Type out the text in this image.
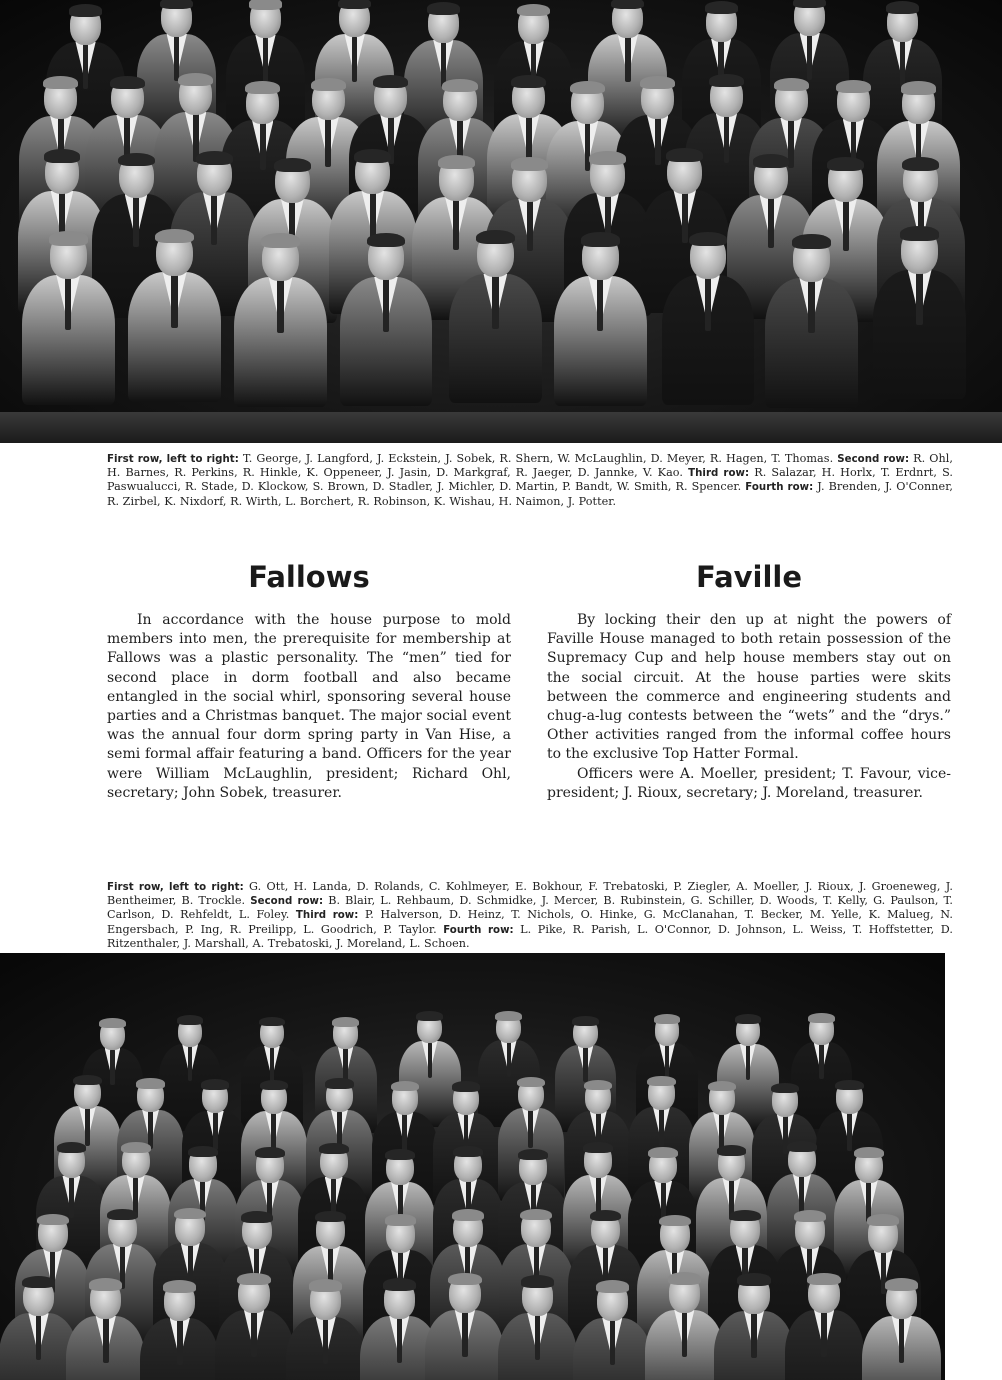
First row, left to right: T. George, J. Langford, J. Eckstein, J. Sobek, R. Shern, W. McLaughlin, D. Meyer, R. Hagen, T. Thomas. Second row: R. Ohl, H. Barnes, R. Perkins, R. Hinkle, K. Oppeneer, J. Jasin, D. Markgraf, R. Jaeger, D. Jannke, V. Kao. Third row: R. Salazar, H. Horlx, T. Erdnrt, S. Paswualucci, R. Stade, D. Klockow, S. Brown, D. Stadler, J. Michler, D. Martin, P. Bandt, W. Smith, R. Spencer. Fourth row: J. Brenden, J. O'Conner, R. Zirbel, K. Nixdorf, R. Wirth, L. Borchert, R. Robinson, K. Wishau, H. Naimon, J. Potter.
Fallows	Faville

In accordance with the house purpose to mold members into men, the prerequisite for membership at Fallows was a plastic personality. The “men” tied for second place in dorm football and also became entangled in the social whirl, sponsoring several house parties and a Christmas banquet. The major social event was the annual four dorm spring party in Van Hise, a semi formal affair featuring a band. Officers for the year were William McLaughlin, president; Richard Ohl, secretary; John Sobek, treasurer.

By locking their den up at night the powers of Faville House managed to both retain possession of the Supremacy Cup and help house members stay out on the social circuit. At the house parties were skits between the commerce and engineering students and chug-a-lug contests between the “wets” and the “drys.” Other activities ranged from the informal coffee hours to the exclusive Top Hatter Formal.

Officers were A. Moeller, president; T. Favour, vice-president; J. Rioux, secretary; J. Moreland, treasurer.

First row, left to right: G. Ott, H. Landa, D. Rolands, C. Kohlmeyer, E. Bokhour, F. Trebatoski, P. Ziegler, A. Moeller, J. Rioux, J. Groeneweg, J. Bentheimer, B. Trockle. Second row: B. Blair, L. Rehbaum, D. Schmidke, J. Mercer, B. Rubinstein, G. Schiller, D. Woods, T. Kelly, G. Paulson, T. Carlson, D. Rehfeldt, L. Foley. Third row: P. Halverson, D. Heinz, T. Nichols, O. Hinke, G. McClanahan, T. Becker, M. Yelle, K. Malueg, N. Engersbach, P. Ing, R. Preilipp, L. Goodrich, P. Taylor. Fourth row: L. Pike, R. Parish, L. O'Connor, D. Johnson, L. Weiss, T. Hoffstetter, D. Ritzenthaler, J. Marshall, A. Trebatoski, J. Moreland, L. Schoen.
